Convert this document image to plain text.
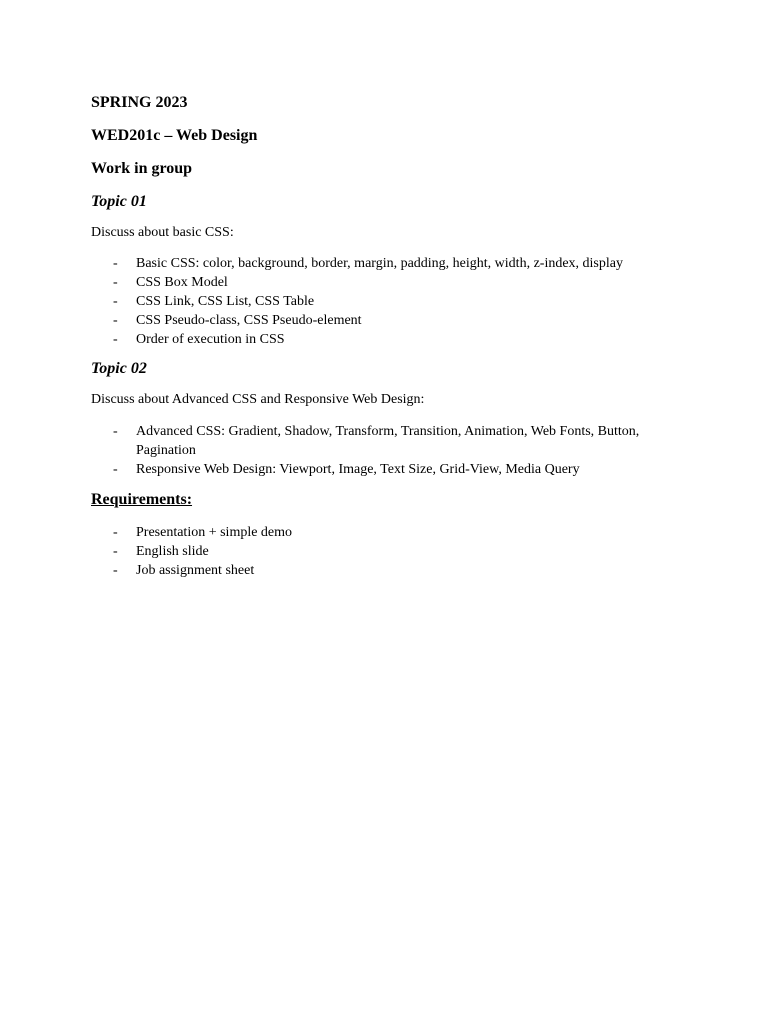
SPRING 2023
WED201c – Web Design
Work in group
Topic 01
Discuss about basic CSS:
- Basic CSS: color, background, border, margin, padding, height, width, z-index, display
- CSS Box Model
- CSS Link, CSS List, CSS Table
- CSS Pseudo-class, CSS Pseudo-element
- Order of execution in CSS
Topic 02
Discuss about Advanced CSS and Responsive Web Design:
- Advanced CSS: Gradient, Shadow, Transform, Transition, Animation, Web Fonts, Button, Pagination
- Responsive Web Design: Viewport, Image, Text Size, Grid-View, Media Query
Requirements:
- Presentation + simple demo
- English slide
- Job assignment sheet
